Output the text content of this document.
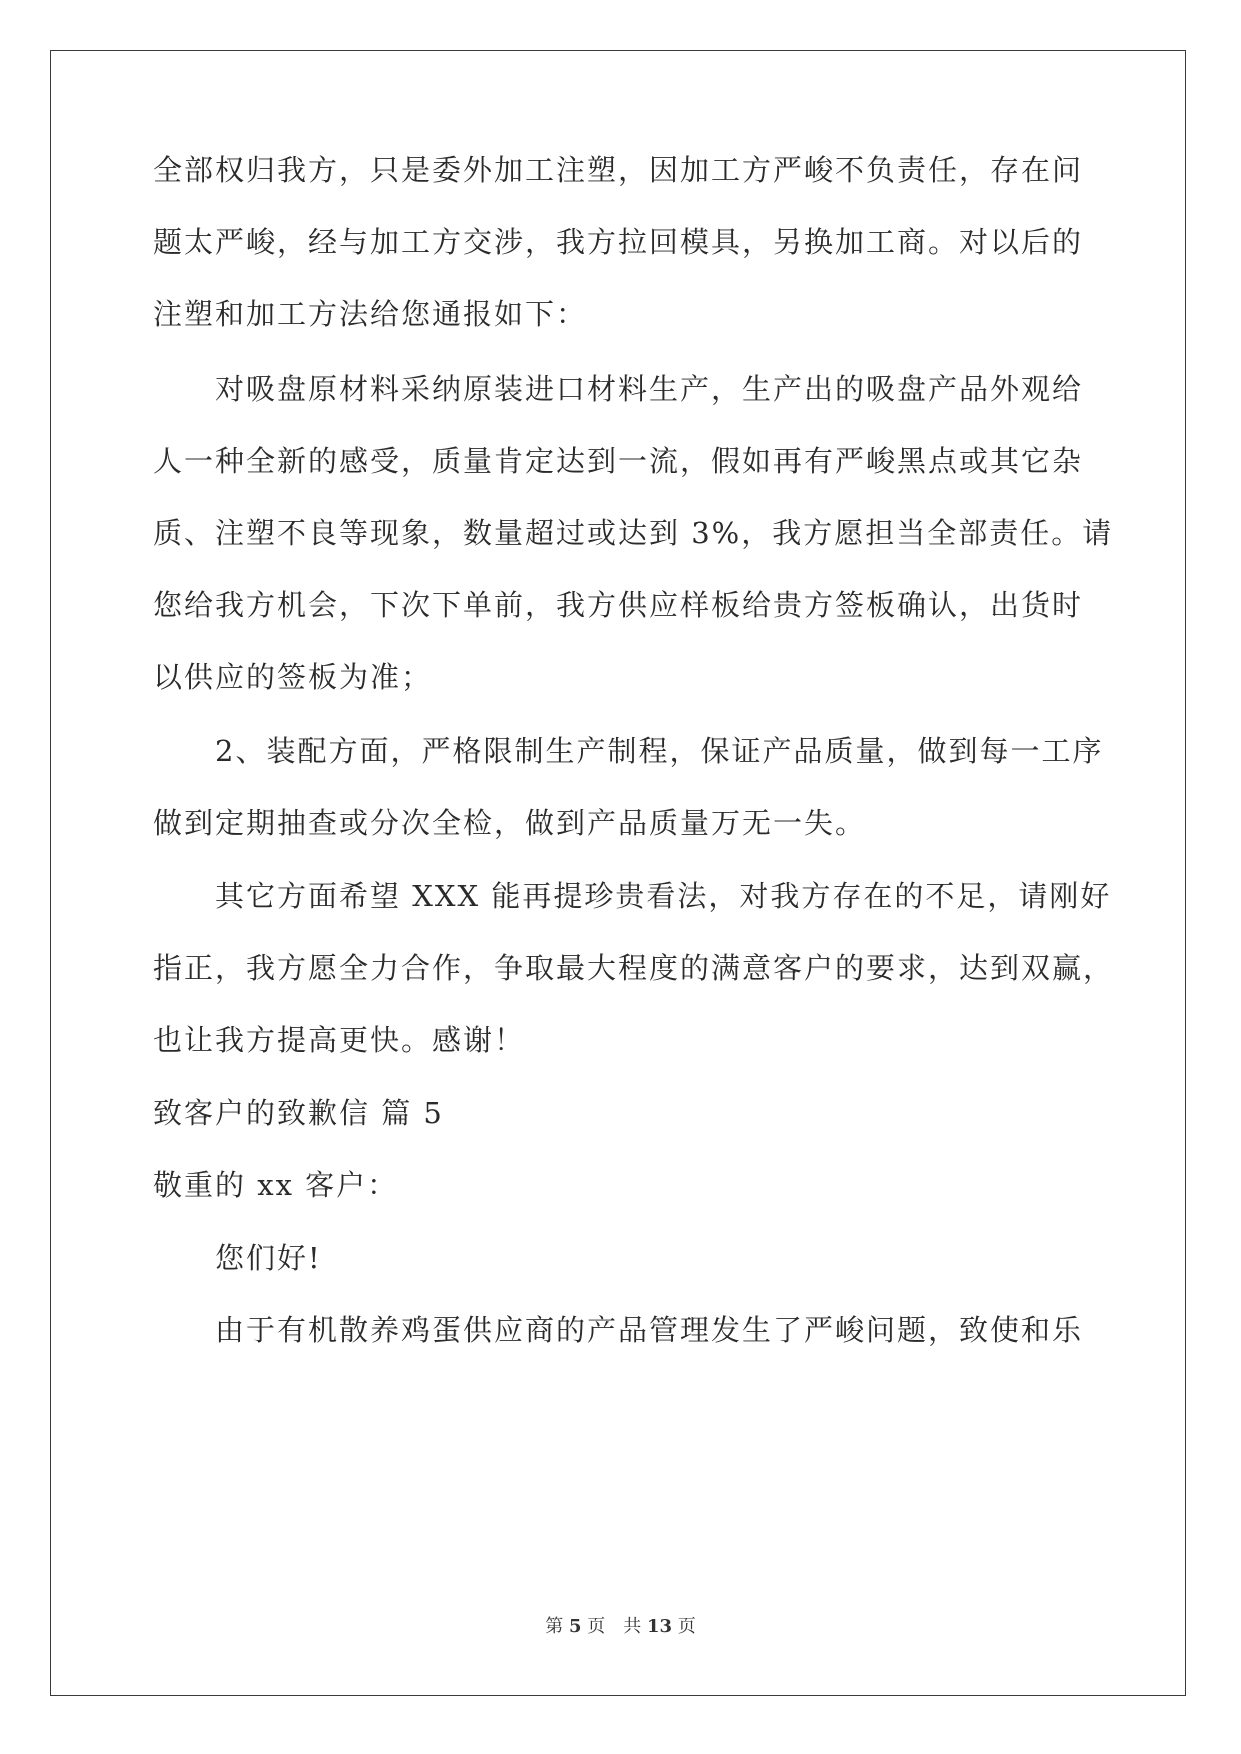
全部权归我方，只是委外加工注塑，因加工方严峻不负责任，存在问
题太严峻，经与加工方交涉，我方拉回模具，另换加工商。对以后的
注塑和加工方法给您通报如下：
对吸盘原材料采纳原装进口材料生产，生产出的吸盘产品外观给
人一种全新的感受，质量肯定达到一流，假如再有严峻黑点或其它杂
质、注塑不良等现象，数量超过或达到 3%，我方愿担当全部责任。请
您给我方机会，下次下单前，我方供应样板给贵方签板确认，出货时
以供应的签板为准；
2、装配方面，严格限制生产制程，保证产品质量，做到每一工序
做到定期抽查或分次全检，做到产品质量万无一失。
其它方面希望 XXX 能再提珍贵看法，对我方存在的不足，请刚好
指正，我方愿全力合作，争取最大程度的满意客户的要求，达到双赢，
也让我方提高更快。感谢！
致客户的致歉信 篇 5
敬重的 xx 客户：
您们好!
由于有机散养鸡蛋供应商的产品管理发生了严峻问题，致使和乐
第 5 页　共 13 页
